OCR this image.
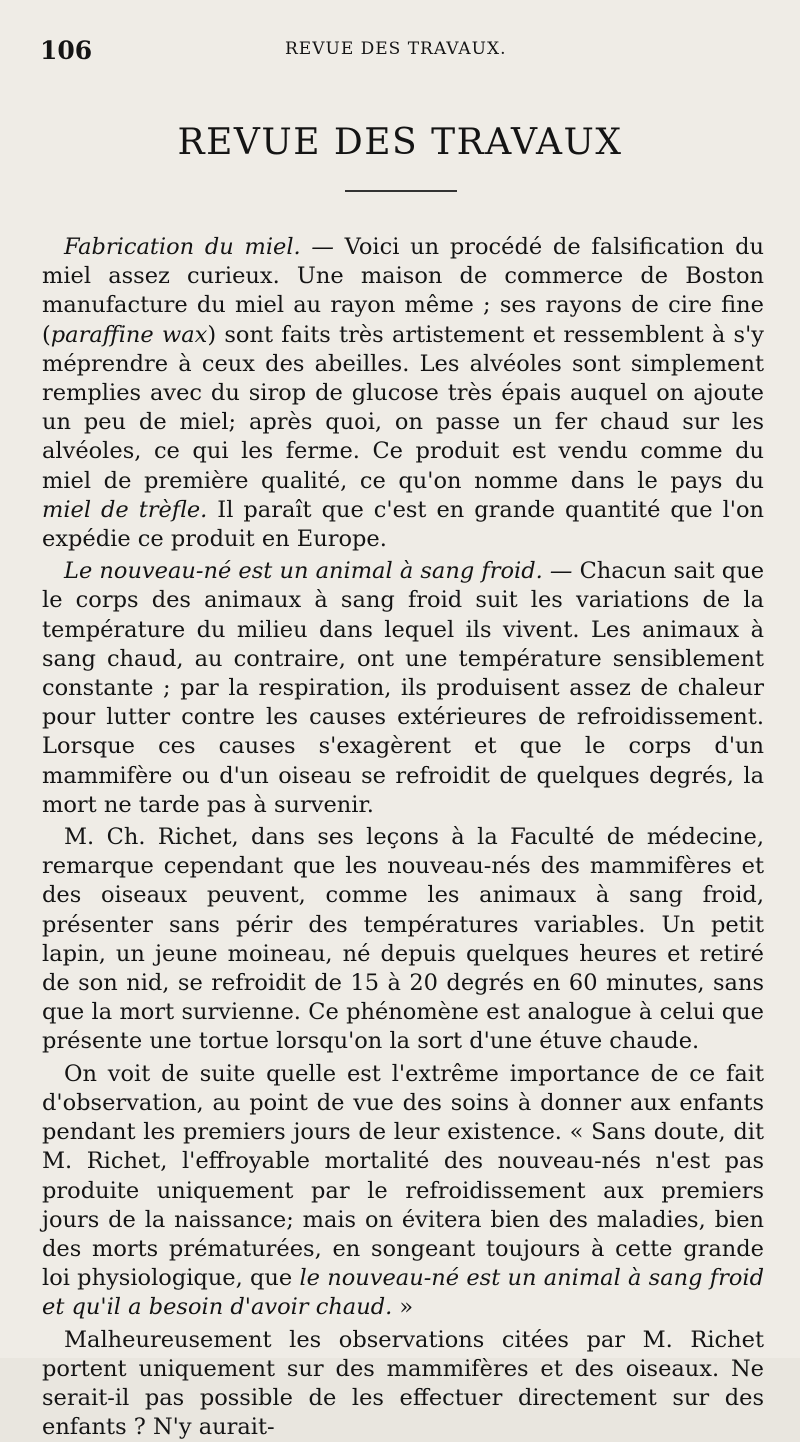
106	REVUE DES TRAVAUX.
REVUE DES TRAVAUX

Fabrication du miel. — Voici un procédé de falsification du miel assez curieux. Une maison de commerce de Boston manufacture du miel au rayon même ; ses rayons de cire fine (paraffine wax) sont faits très artistement et ressemblent à s'y méprendre à ceux des abeilles. Les alvéoles sont simplement remplies avec du sirop de glucose très épais auquel on ajoute un peu de miel; après quoi, on passe un fer chaud sur les alvéoles, ce qui les ferme. Ce produit est vendu comme du miel de première qualité, ce qu'on nomme dans le pays du miel de trèfle. Il paraît que c'est en grande quantité que l'on expédie ce produit en Europe.

Le nouveau-né est un animal à sang froid. — Chacun sait que le corps des animaux à sang froid suit les variations de la température du milieu dans lequel ils vivent. Les animaux à sang chaud, au contraire, ont une température sensiblement constante ; par la respiration, ils produisent assez de chaleur pour lutter contre les causes extérieures de refroidissement. Lorsque ces causes s'exagèrent et que le corps d'un mammifère ou d'un oiseau se refroidit de quelques degrés, la mort ne tarde pas à survenir.

M. Ch. Richet, dans ses leçons à la Faculté de médecine, remarque cependant que les nouveau-nés des mammifères et des oiseaux peuvent, comme les animaux à sang froid, présenter sans périr des températures variables. Un petit lapin, un jeune moineau, né depuis quelques heures et retiré de son nid, se refroidit de 15 à 20 degrés en 60 minutes, sans que la mort survienne. Ce phénomène est analogue à celui que présente une tortue lorsqu'on la sort d'une étuve chaude.

On voit de suite quelle est l'extrême importance de ce fait d'observation, au point de vue des soins à donner aux enfants pendant les premiers jours de leur existence. « Sans doute, dit M. Richet, l'effroyable mortalité des nouveau-nés n'est pas produite uniquement par le refroidissement aux premiers jours de la naissance; mais on évitera bien des maladies, bien des morts prématurées, en songeant toujours à cette grande loi physiologique, que le nouveau-né est un animal à sang froid et qu'il a besoin d'avoir chaud. »

Malheureusement les observations citées par M. Richet portent uniquement sur des mammifères et des oiseaux. Ne serait-il pas possible de les effectuer directement sur des enfants ? N'y aurait-
